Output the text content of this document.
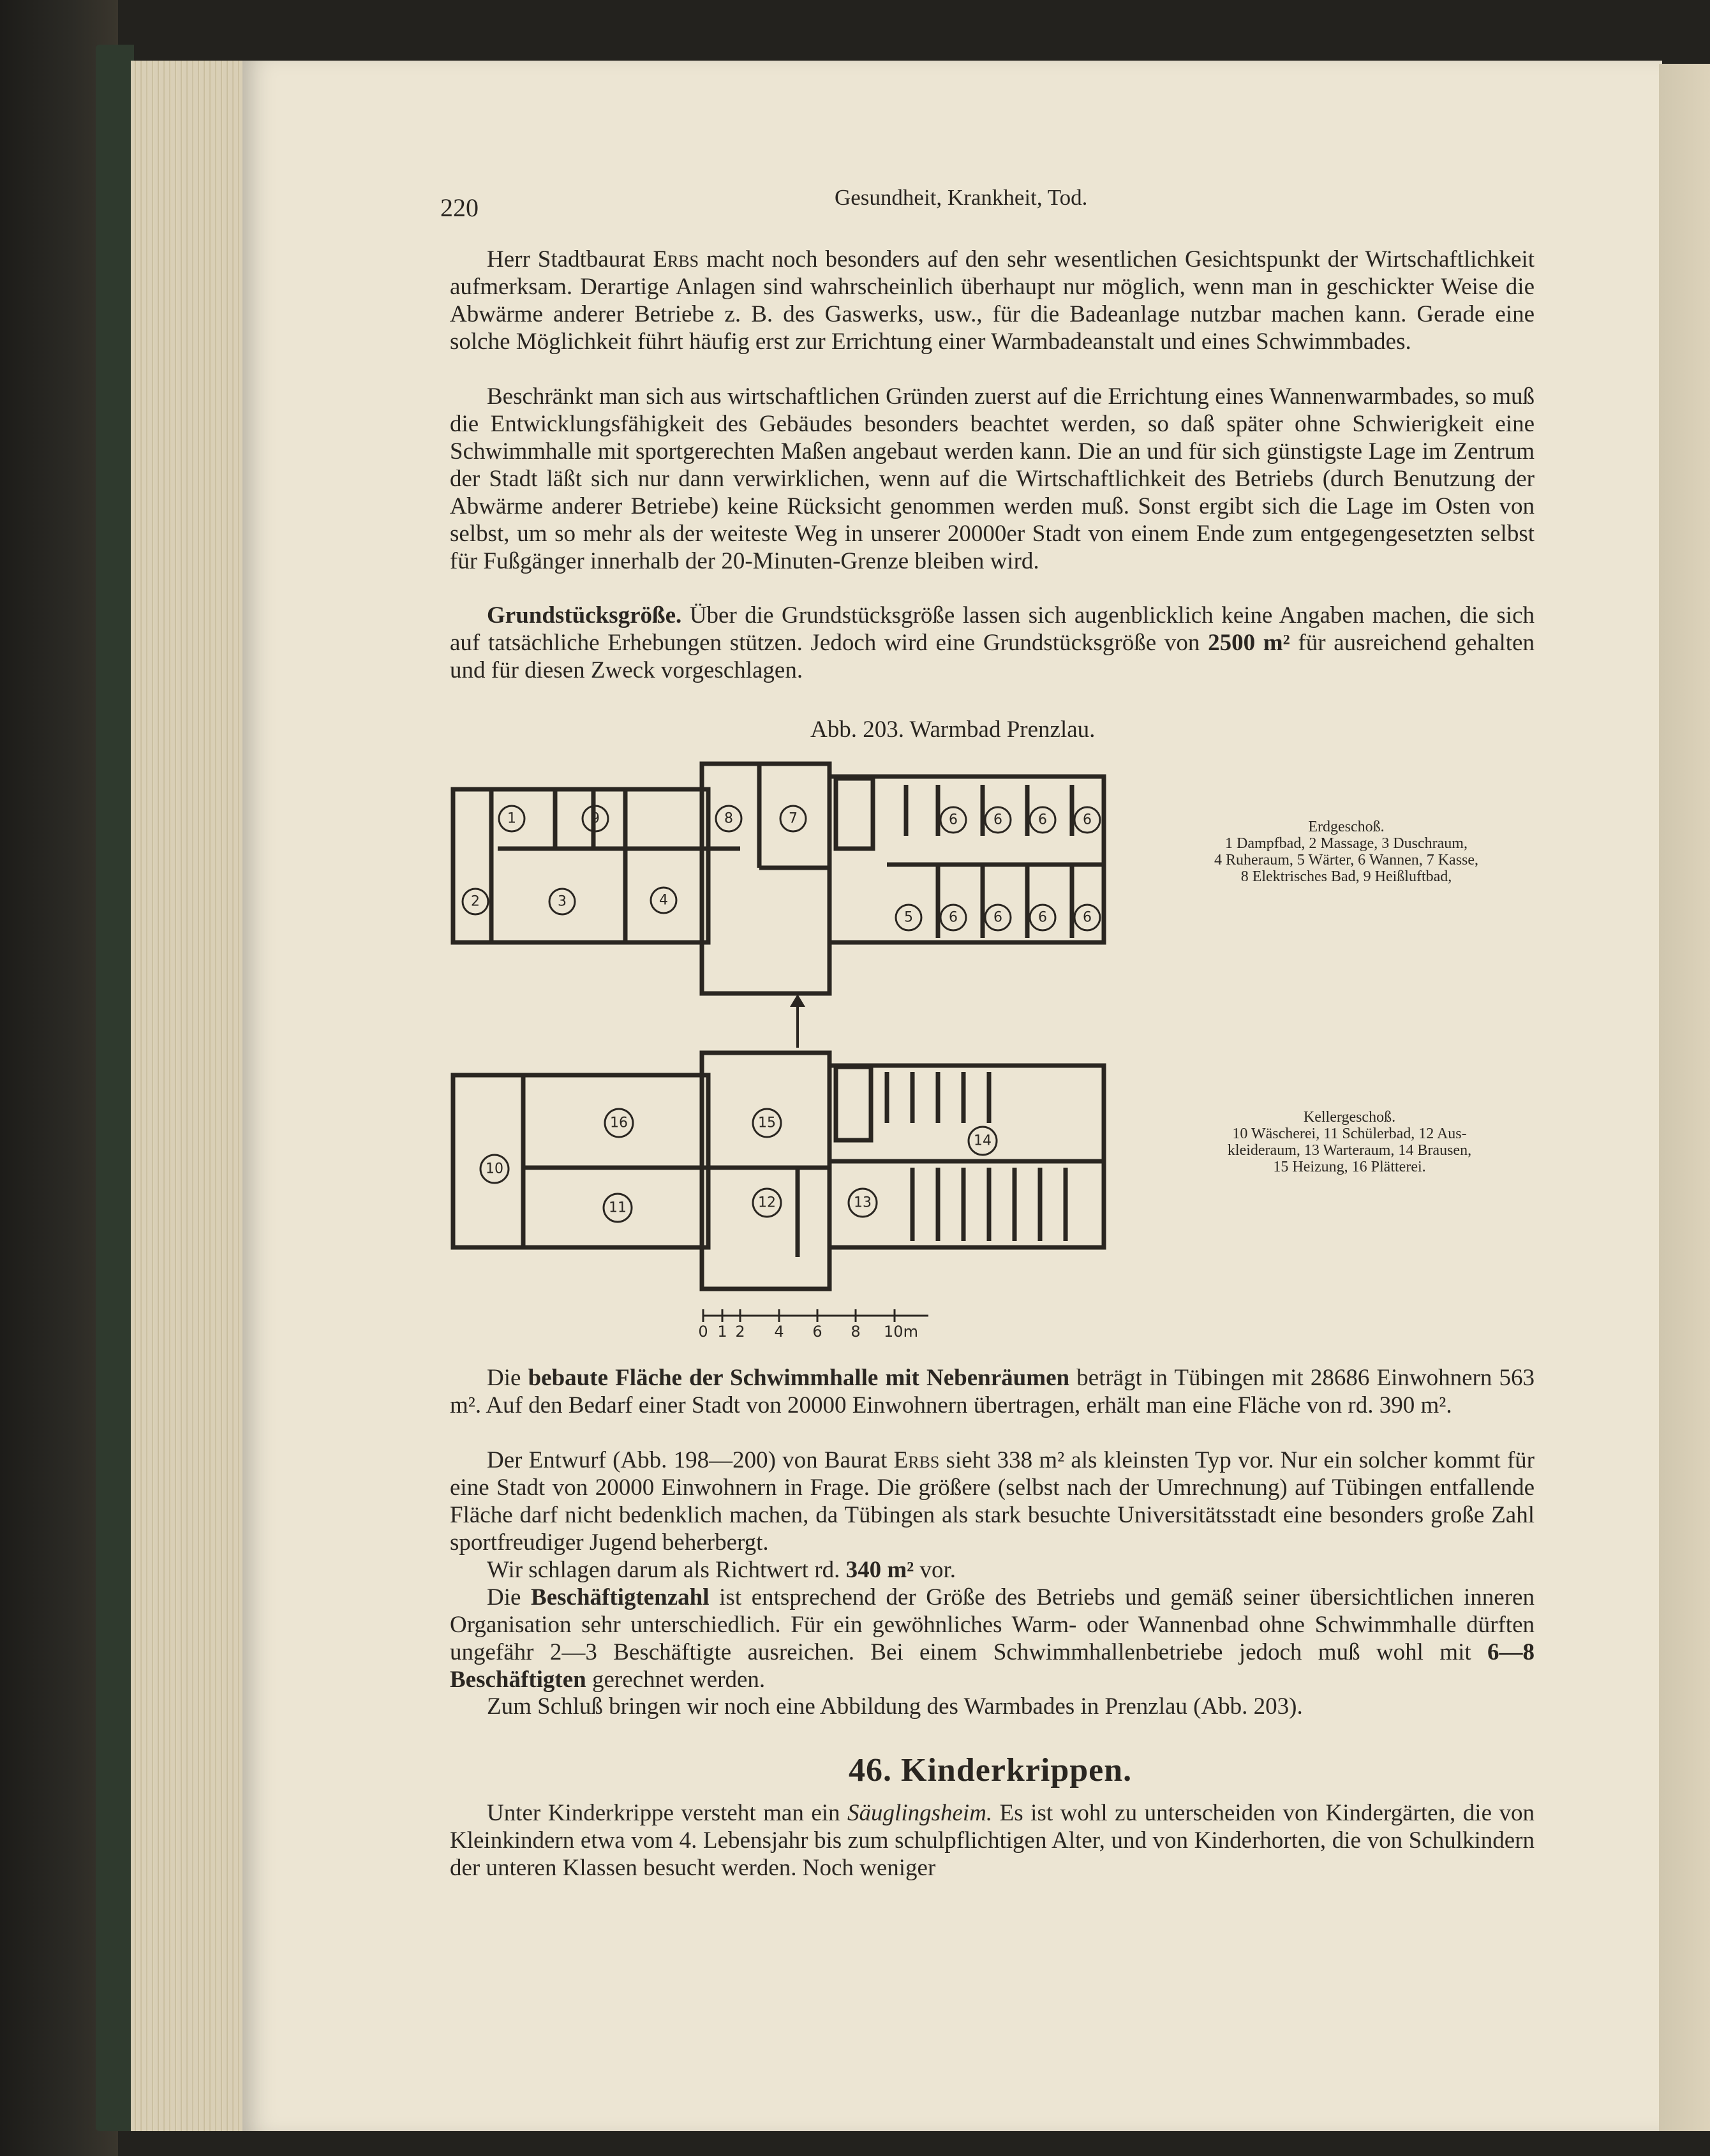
220	Gesundheit, Krankheit, Tod.

Herr Stadtbaurat Erbs macht noch besonders auf den sehr wesentlichen Gesichtspunkt der Wirtschaftlichkeit aufmerksam. Derartige Anlagen sind wahrscheinlich überhaupt nur möglich, wenn man in geschickter Weise die Abwärme anderer Betriebe z. B. des Gaswerks, usw., für die Badeanlage nutzbar machen kann. Gerade eine solche Möglichkeit führt häufig erst zur Errichtung einer Warmbadeanstalt und eines Schwimmbades.

Beschränkt man sich aus wirtschaftlichen Gründen zuerst auf die Errichtung eines Wannenwarmbades, so muß die Entwicklungsfähigkeit des Gebäudes besonders beachtet werden, so daß später ohne Schwierigkeit eine Schwimmhalle mit sportgerechten Maßen angebaut werden kann. Die an und für sich günstigste Lage im Zentrum der Stadt läßt sich nur dann verwirklichen, wenn auf die Wirtschaftlichkeit des Betriebs (durch Benutzung der Abwärme anderer Betriebe) keine Rücksicht genommen werden muß. Sonst ergibt sich die Lage im Osten von selbst, um so mehr als der weiteste Weg in unserer 20000er Stadt von einem Ende zum entgegengesetzten selbst für Fußgänger innerhalb der 20-Minuten-Grenze bleiben wird.

Grundstücksgröße. Über die Grundstücksgröße lassen sich augenblicklich keine Angaben machen, die sich auf tatsächliche Erhebungen stützen. Jedoch wird eine Grundstücksgröße von 2500 m² für ausreichend gehalten und für diesen Zweck vorgeschlagen.

Abb. 203. Warmbad Prenzlau.
1	9	8	7	6	6	6	6
2	3	4
5	6	6	6	6
16	15
14
10
11	12	13
0 1 2 4 6 8 10m
Erdgeschoß.
1 Dampfbad, 2 Massage, 3 Duschraum,
4 Ruheraum, 5 Wärter, 6 Wannen, 7 Kasse,
8 Elektrisches Bad, 9 Heißluftbad,
Kellergeschoß.
10 Wäscherei, 11 Schülerbad, 12 Aus-
kleideraum, 13 Warteraum, 14 Brausen,
15 Heizung, 16 Plätterei.

Die bebaute Fläche der Schwimmhalle mit Nebenräumen beträgt in Tübingen mit 28686 Einwohnern 563 m². Auf den Bedarf einer Stadt von 20000 Einwohnern übertragen, erhält man eine Fläche von rd. 390 m².

Der Entwurf (Abb. 198—200) von Baurat Erbs sieht 338 m² als kleinsten Typ vor. Nur ein solcher kommt für eine Stadt von 20000 Einwohnern in Frage. Die größere (selbst nach der Umrechnung) auf Tübingen entfallende Fläche darf nicht bedenklich machen, da Tübingen als stark besuchte Universitätsstadt eine besonders große Zahl sportfreudiger Jugend beherbergt.

Wir schlagen darum als Richtwert rd. 340 m² vor.

Die Beschäftigtenzahl ist entsprechend der Größe des Betriebs und gemäß seiner übersichtlichen inneren Organisation sehr unterschiedlich. Für ein gewöhnliches Warm- oder Wannenbad ohne Schwimmhalle dürften ungefähr 2—3 Beschäftigte ausreichen. Bei einem Schwimmhallenbetriebe jedoch muß wohl mit 6—8 Beschäftigten gerechnet werden.

Zum Schluß bringen wir noch eine Abbildung des Warmbades in Prenzlau (Abb. 203).

46. Kinderkrippen.

Unter Kinderkrippe versteht man ein Säuglingsheim. Es ist wohl zu unterscheiden von Kindergärten, die von Kleinkindern etwa vom 4. Lebensjahr bis zum schulpflichtigen Alter, und von Kinderhorten, die von Schulkindern der unteren Klassen besucht werden. Noch weniger
